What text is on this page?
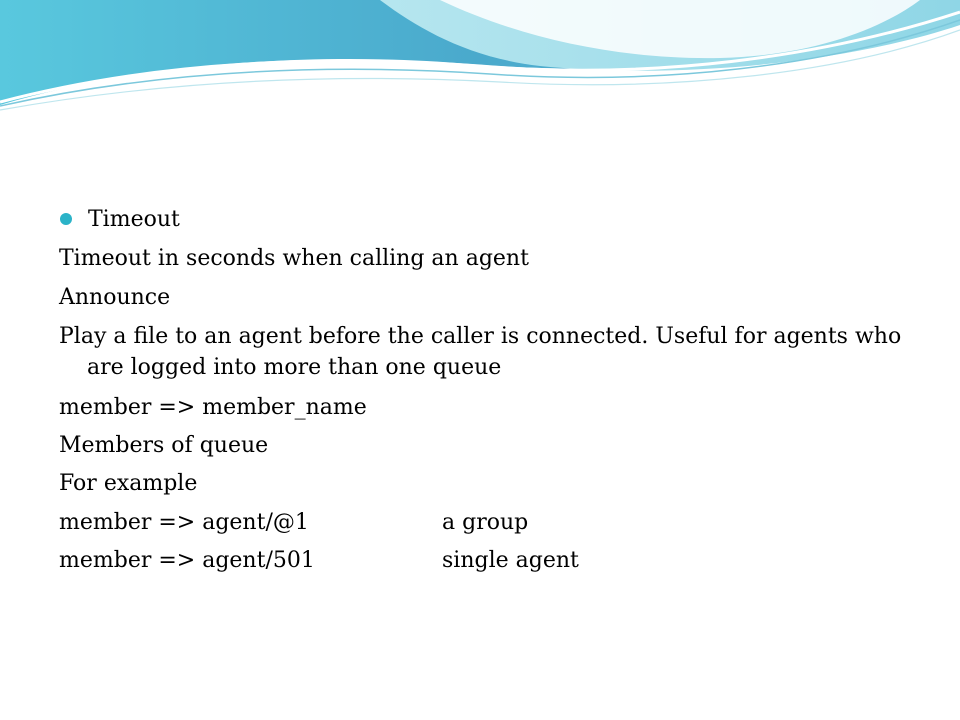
Timeout
Timeout in seconds when calling an agent
Announce
Play a file to an agent before the caller is connected. Useful for agents who
are logged into more than one queue
member => member_name
Members of queue
For example
member => agent/@1	a group
member => agent/501	single agent
